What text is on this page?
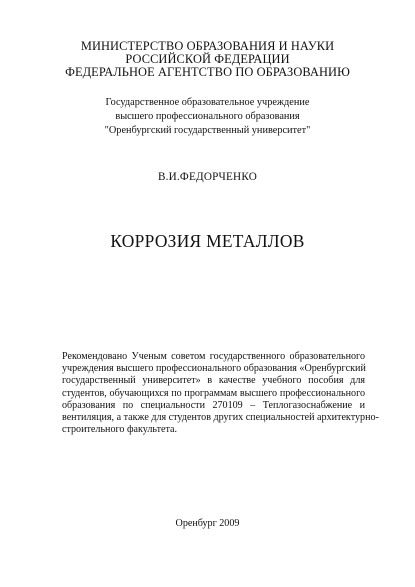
МИНИСТЕРСТВО ОБРАЗОВАНИЯ И НАУКИ
РОССИЙСКОЙ ФЕДЕРАЦИИ
ФЕДЕРАЛЬНОЕ АГЕНТСТВО ПО ОБРАЗОВАНИЮ
Государственное образовательное учреждение
высшего профессионального образования
"Оренбургский государственный университет"
В.И.ФЕДОРЧЕНКО
КОРРОЗИЯ МЕТАЛЛОВ
Рекомендовано Ученым советом государственного образовательного
учреждения высшего профессионального образования «Оренбургский
государственный университет» в качестве учебного пособия для
студентов, обучающихся по программам высшего профессионального
образования по специальности 270109 – Теплогазоснабжение и
вентиляция, а также для студентов других специальностей архитектурно-
строительного факультета.
Оренбург 2009
